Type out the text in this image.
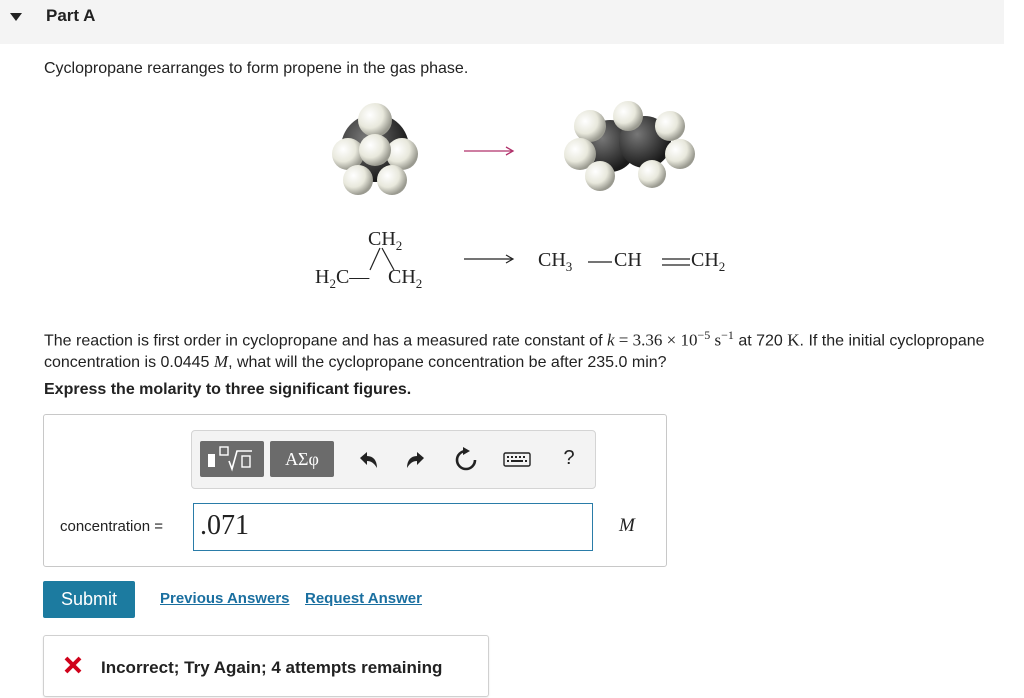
Part A
Cyclopropane rearranges to form propene in the gas phase.
$CH_2$
$H_2C—$ $CH_2$
$CH_3$ CH $CH_2$
The reaction is first order in cyclopropane and has a measured rate constant of $k = 3.36 \times 10^{-5}$ $s^{-1}$ at 720 K. If the initial cyclopropane concentration is 0.0445 M, what will the cyclopropane concentration be after 235.0 min?
Express the molarity to three significant figures.
ΑΣφ	?
concentration = .071	M
Submit	Previous Answers Request Answer
Incorrect; Try Again; 4 attempts remaining
